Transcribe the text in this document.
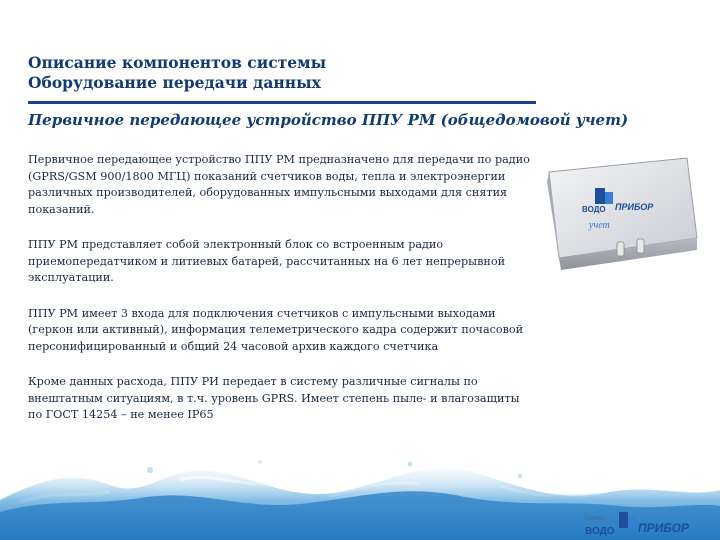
Описание компонентов системы
Оборудование передачи данных
Первичное передающее устройство ППУ РМ (общедомовой учет)

Первичное передающее устройство ППУ РМ предназначено для передачи по радио (GPRS/GSM 900/1800 МГЦ) показаний счетчиков воды, тепла и электроэнергии различных производителей, оборудованных импульсными выходами для снятия показаний.

ППУ РМ представляет собой электронный блок со встроенным радио приемопередатчиком и литиевых батарей, рассчитанных на 6 лет непрерывной эксплуатации.

ППУ РМ имеет 3 входа для подключения счетчиков с импульсными выходами (геркон или активный), информация телеметрического кадра содержит почасовой персонифицированный и общий 24 часовой архив каждого счетчика

Кроме данных расхода, ППУ РИ передает в систему различные сигналы по внештатным ситуациям, в т.ч. уровень GPRS. Имеет степень пыле- и влагозащиты по ГОСТ 14254 – не менее IP65

ВОДО ПРИБОР
учет
Группа
ВОДО ПРИБОР
